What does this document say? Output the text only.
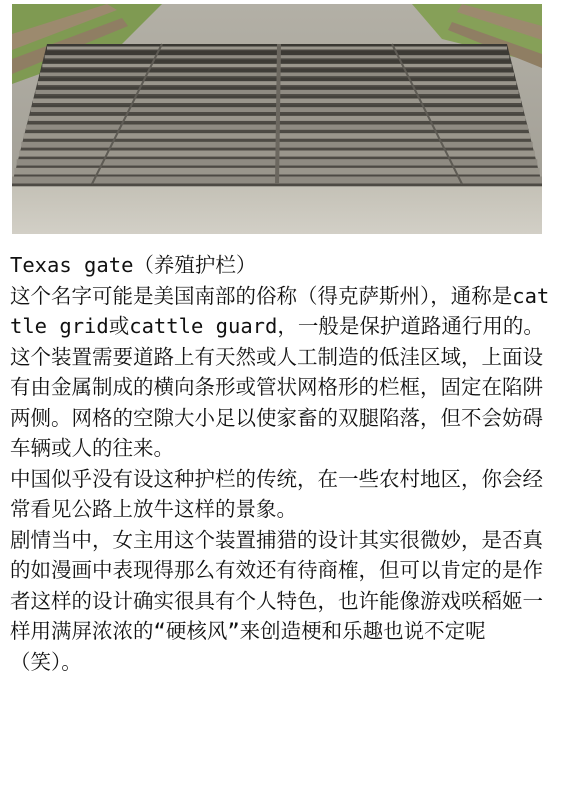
Texas gate（养殖护栏）

这个名字可能是美国南部的俗称（得克萨斯州），通称是cattle grid或cattle guard，一般是保护道路通行用的。这个装置需要道路上有天然或人工制造的低洼区域，上面设有由金属制成的横向条形或管状网格形的栏框，固定在陷阱两侧。网格的空隙大小足以使家畜的双腿陷落，但不会妨碍车辆或人的往来。

中国似乎没有设这种护栏的传统，在一些农村地区，你会经常看见公路上放牛这样的景象。

剧情当中，女主用这个装置捕猎的设计其实很微妙，是否真的如漫画中表现得那么有效还有待商榷，但可以肯定的是作者这样的设计确实很具有个人特色，也许能像游戏咲稻姬一样用满屏浓浓的“硬核风”来创造梗和乐趣也说不定呢（笑）。
